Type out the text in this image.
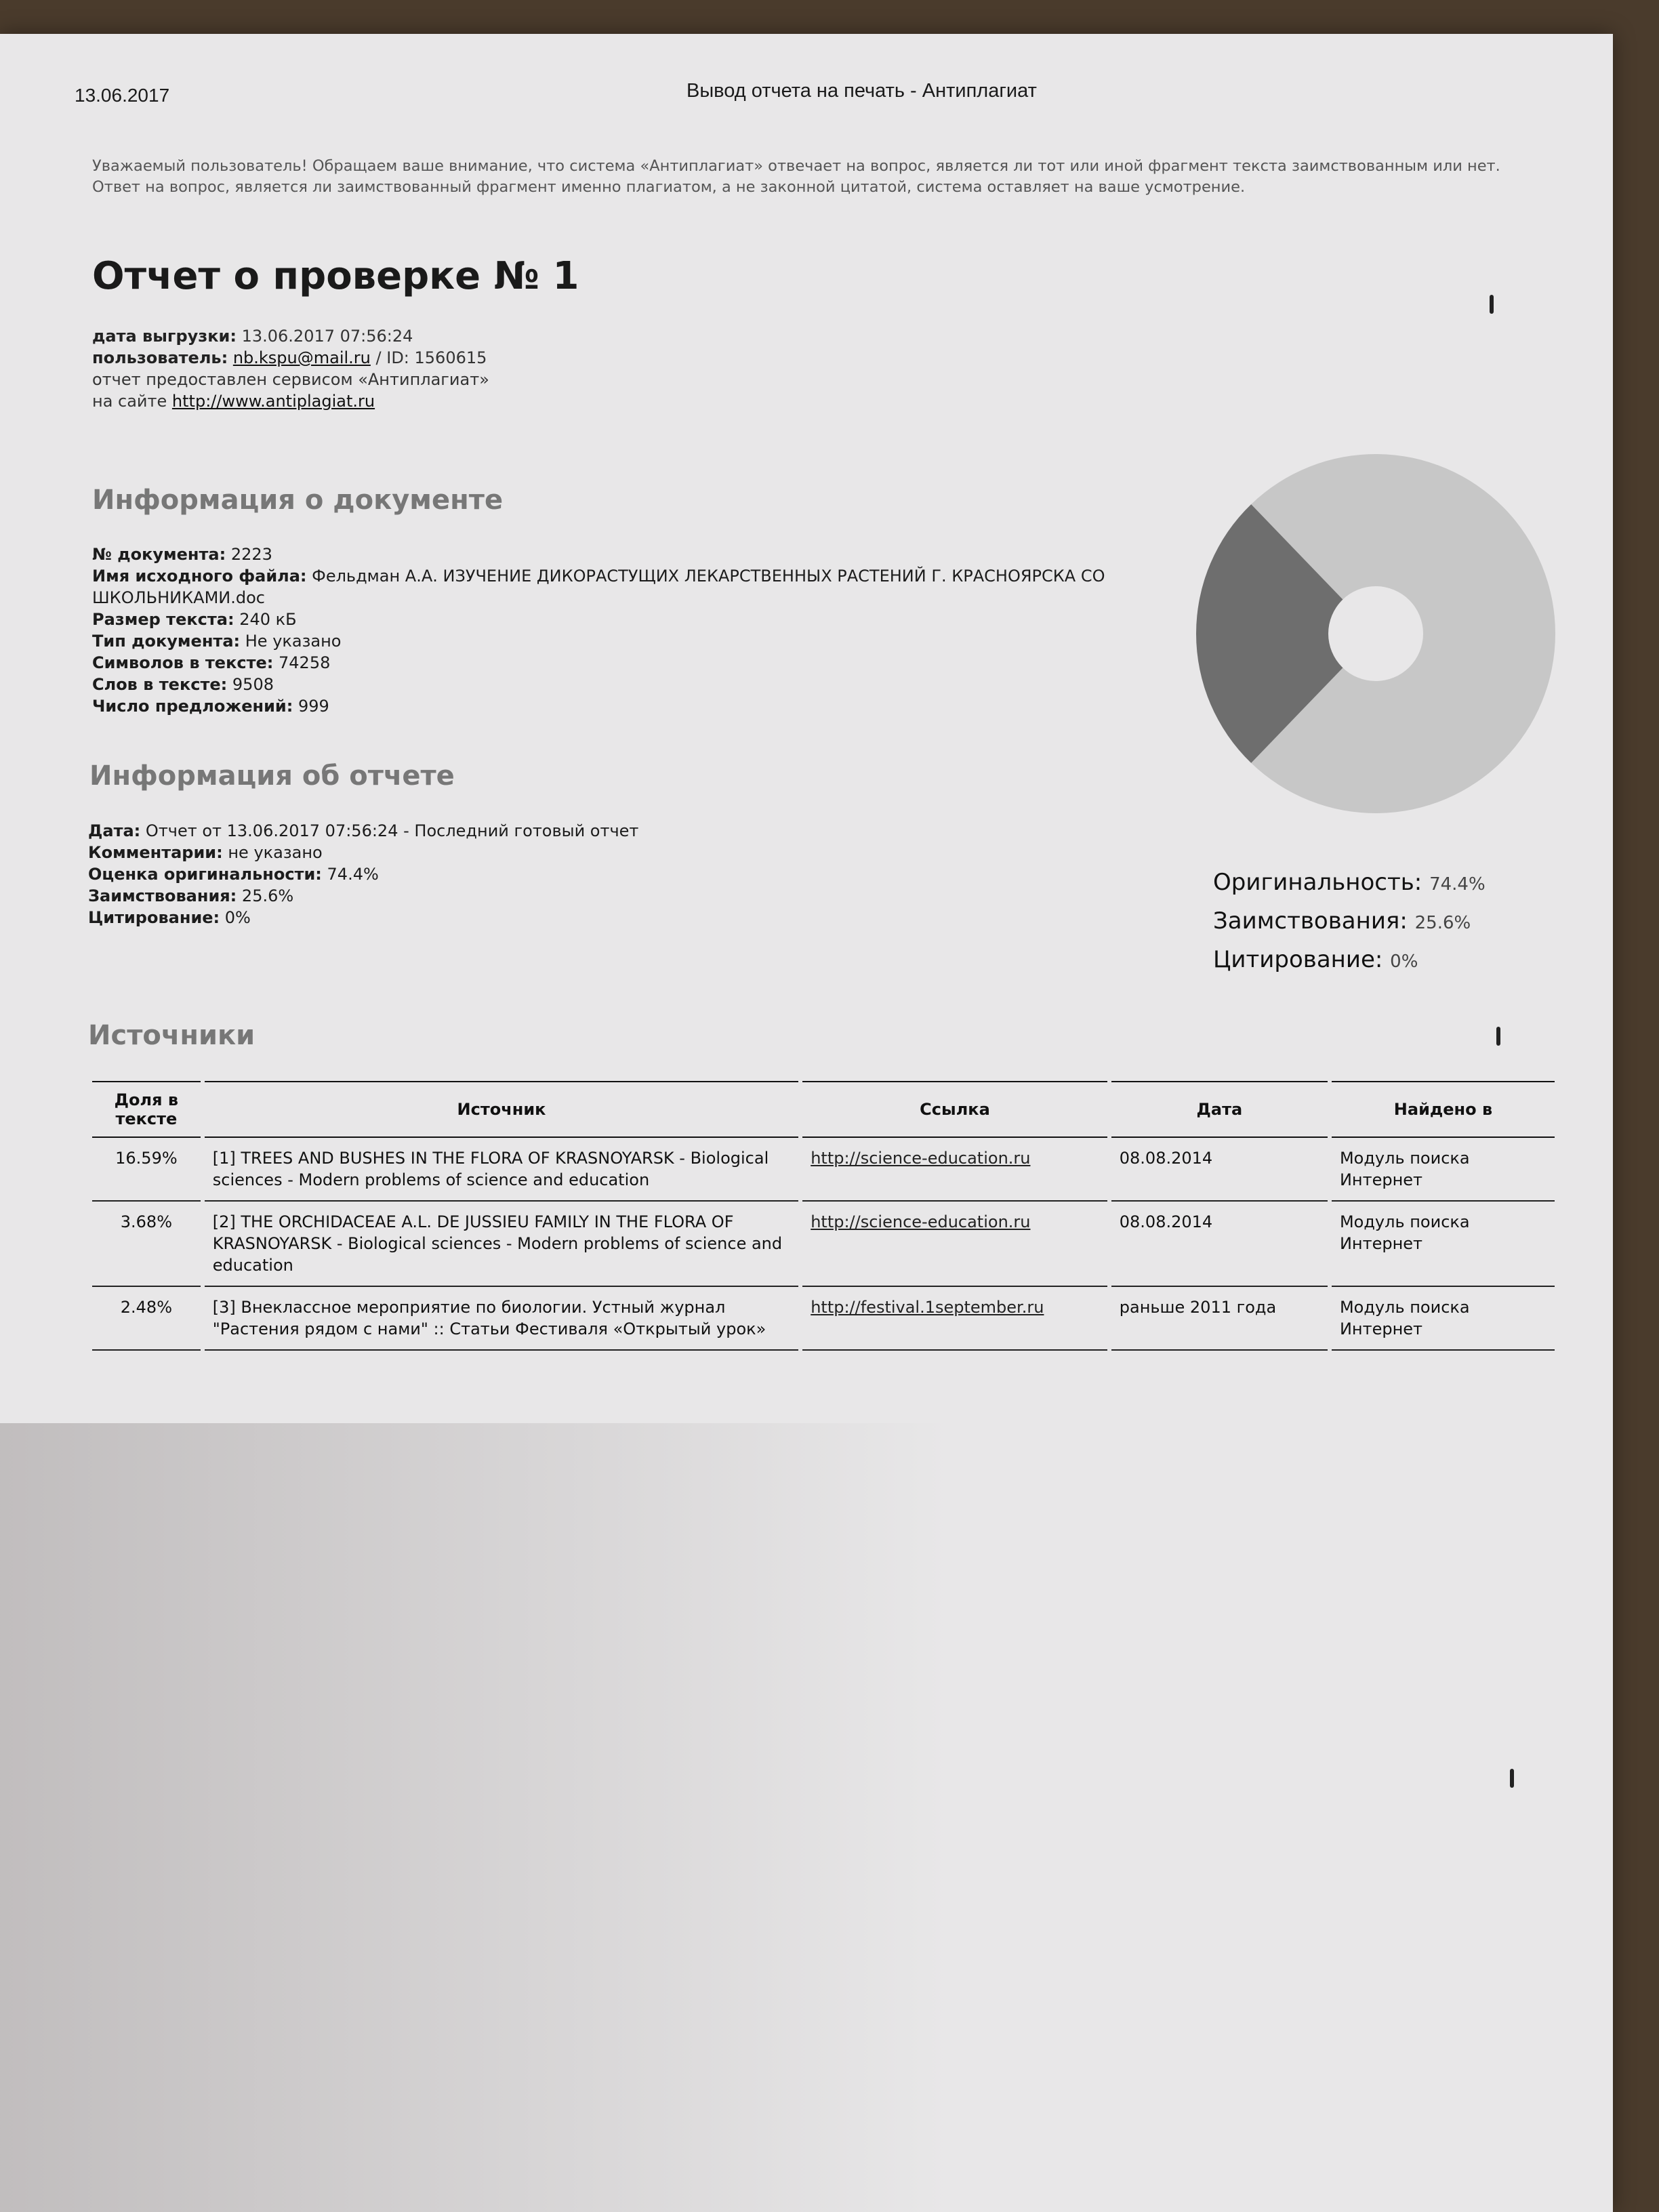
13.06.2017	Вывод отчета на печать - Антиплагиат
Уважаемый пользователь! Обращаем ваше внимание, что система «Антиплагиат» отвечает на вопрос, является ли тот или иной фрагмент текста заимствованным или нет. Ответ на вопрос, является ли заимствованный фрагмент именно плагиатом, а не законной цитатой, система оставляет на ваше усмотрение.
Отчет о проверке № 1
дата выгрузки: 13.06.2017 07:56:24
пользователь: nb.kspu@mail.ru / ID: 1560615
отчет предоставлен сервисом «Антиплагиат»
на сайте http://www.antiplagiat.ru
Информация о документе
№ документа: 2223
Имя исходного файла: Фельдман А.А. ИЗУЧЕНИЕ ДИКОРАСТУЩИХ ЛЕКАРСТВЕННЫХ РАСТЕНИЙ Г. КРАСНОЯРСКА СО ШКОЛЬНИКАМИ.doc
Размер текста: 240 кБ
Тип документа: Не указано
Символов в тексте: 74258
Слов в тексте: 9508
Число предложений: 999
Информация об отчете
Дата: Отчет от 13.06.2017 07:56:24 - Последний готовый отчет
Комментарии: не указано
Оценка оригинальности: 74.4%
Заимствования: 25.6%
Цитирование: 0%
Оригинальность: 74.4%
Заимствования: 25.6%
Цитирование: 0%
Источники
Доля в тексте	Источник	Ссылка	Дата	Найдено в
16.59%	[1] TREES AND BUSHES IN THE FLORA OF KRASNOYARSK - Biological sciences - Modern problems of science and education	http://science-education.ru	08.08.2014	Модуль поиска Интернет
3.68%	[2] THE ORCHIDACEAE A.L. DE JUSSIEU FAMILY IN THE FLORA OF KRASNOYARSK - Biological sciences - Modern problems of science and education	http://science-education.ru	08.08.2014	Модуль поиска Интернет
2.48%	[3] Внеклассное мероприятие по биологии. Устный журнал "Растения рядом с нами" :: Статьи Фестиваля «Открытый урок»	http://festival.1september.ru	раньше 2011 года	Модуль поиска Интернет
